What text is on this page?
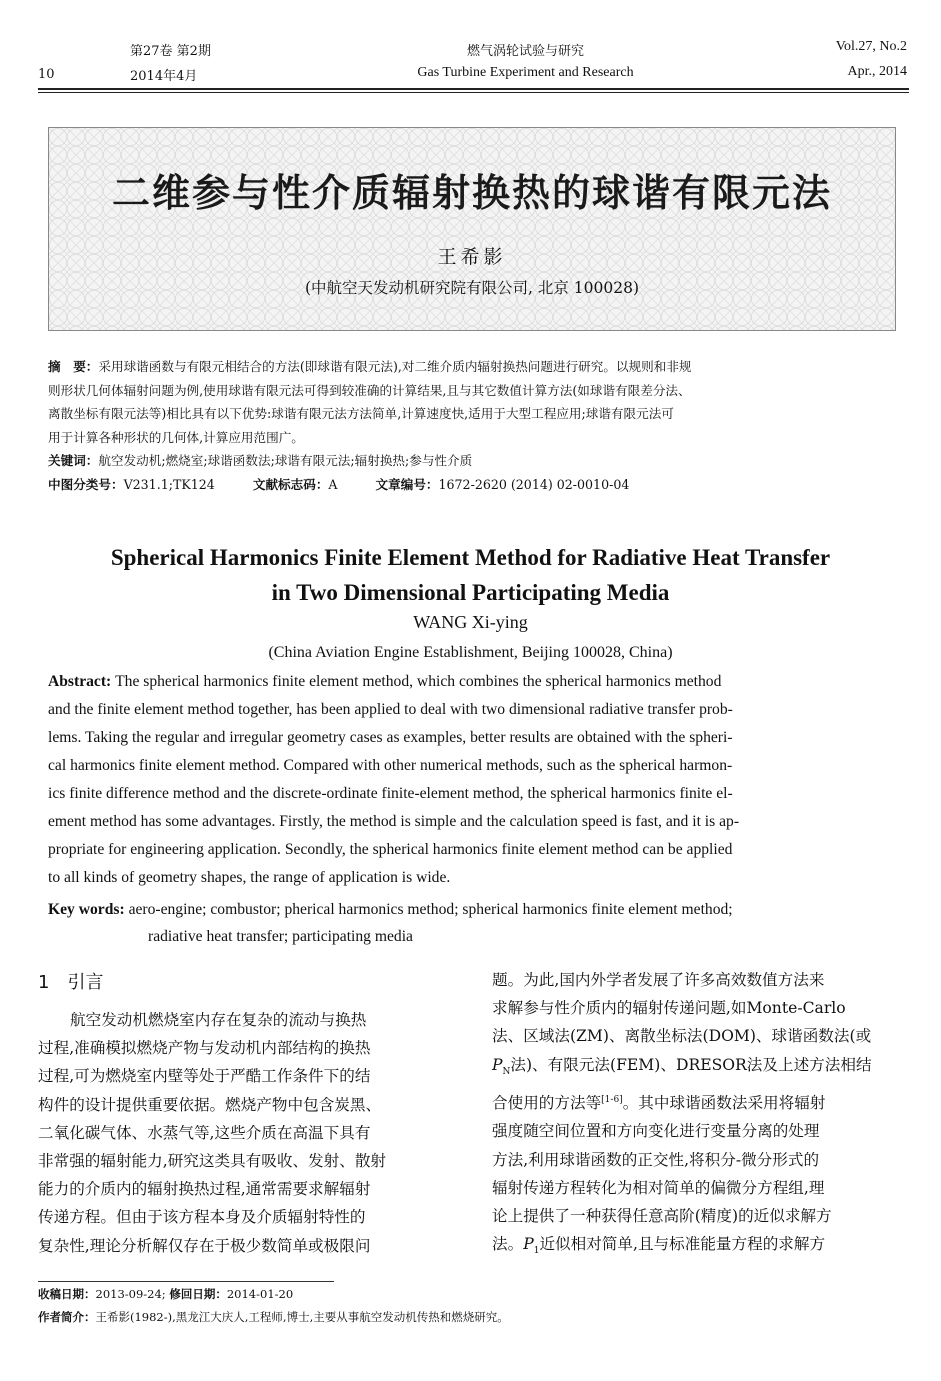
10
第27卷 第2期
2014年4月
燃气涡轮试验与研究
Gas Turbine Experiment and Research
Vol.27, No.2
Apr., 2014
二维参与性介质辐射换热的球谐有限元法
王希影
(中航空天发动机研究院有限公司, 北京 100028)
摘　要：采用球谐函数与有限元相结合的方法(即球谐有限元法),对二维介质内辐射换热问题进行研究。以规则和非规
则形状几何体辐射问题为例,使用球谐有限元法可得到较准确的计算结果,且与其它数值计算方法(如球谐有限差分法、
离散坐标有限元法等)相比具有以下优势:球谐有限元法方法简单,计算速度快,适用于大型工程应用;球谐有限元法可
用于计算各种形状的几何体,计算应用范围广。
关键词：航空发动机;燃烧室;球谐函数法;球谐有限元法;辐射换热;参与性介质
中图分类号：V231.1;TK124	文献标志码：A	文章编号：1672-2620 (2014) 02-0010-04
Spherical Harmonics Finite Element Method for Radiative Heat Transfer
in Two Dimensional Participating Media
WANG Xi-ying
(China Aviation Engine Establishment, Beijing 100028, China)
Abstract: The spherical harmonics finite element method, which combines the spherical harmonics method
and the finite element method together, has been applied to deal with two dimensional radiative transfer prob-
lems. Taking the regular and irregular geometry cases as examples, better results are obtained with the spheri-
cal harmonics finite element method. Compared with other numerical methods, such as the spherical harmon-
ics finite difference method and the discrete-ordinate finite-element method, the spherical harmonics finite el-
ement method has some advantages. Firstly, the method is simple and the calculation speed is fast, and it is ap-
propriate for engineering application. Secondly, the spherical harmonics finite element method can be applied
to all kinds of geometry shapes, the range of application is wide.
Key words: aero-engine; combustor; pherical harmonics method; spherical harmonics finite element method;
radiative heat transfer; participating media
1　引言

航空发动机燃烧室内存在复杂的流动与换热

过程,准确模拟燃烧产物与发动机内部结构的换热

过程,可为燃烧室内壁等处于严酷工作条件下的结

构件的设计提供重要依据。燃烧产物中包含炭黑、

二氧化碳气体、水蒸气等,这些介质在高温下具有

非常强的辐射能力,研究这类具有吸收、发射、散射

能力的介质内的辐射换热过程,通常需要求解辐射

传递方程。但由于该方程本身及介质辐射特性的

复杂性,理论分析解仅存在于极少数简单或极限问

题。为此,国内外学者发展了许多高效数值方法来

求解参与性介质内的辐射传递问题,如Monte-Carlo

法、区域法(ZM)、离散坐标法(DOM)、球谐函数法(或

$P_N$法)、有限元法(FEM)、DRESOR法及上述方法相结

合使用的方法等[1-6]。其中球谐函数法采用将辐射

强度随空间位置和方向变化进行变量分离的处理

方法,利用球谐函数的正交性,将积分-微分形式的

辐射传递方程转化为相对简单的偏微分方程组,理

论上提供了一种获得任意高阶(精度)的近似求解方

法。$P_1$近似相对简单,且与标准能量方程的求解方

收稿日期：2013-09-24; 修回日期：2014-01-20
作者简介：王希影(1982-),黑龙江大庆人,工程师,博士,主要从事航空发动机传热和燃烧研究。
